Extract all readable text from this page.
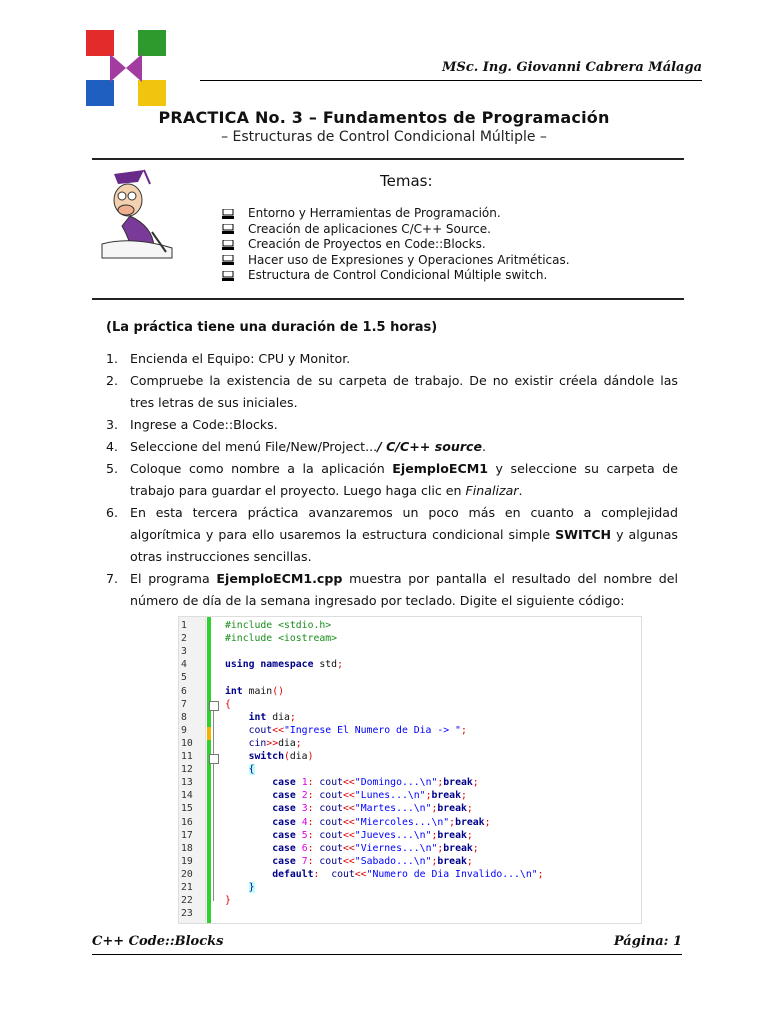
MSc. Ing. Giovanni Cabrera Málaga
PRACTICA No. 3 – Fundamentos de Programación
– Estructuras de Control Condicional Múltiple –
Temas:
Entorno y Herramientas de Programación.
Creación de aplicaciones C/C++ Source.
Creación de Proyectos en Code::Blocks.
Hacer uso de Expresiones y Operaciones Aritméticas.
Estructura de Control Condicional Múltiple switch.
(La práctica tiene una duración de 1.5 horas)
1. Encienda el Equipo: CPU y Monitor.
2. Compruebe la existencia de su carpeta de trabajo. De no existir créela dándole las tres letras de sus iniciales.
3. Ingrese a Code::Blocks.
4. Seleccione del menú File/New/Project.../ C/C++ source.
5. Coloque como nombre a la aplicación EjemploECM1 y seleccione su carpeta de trabajo para guardar el proyecto. Luego haga clic en Finalizar.
6. En esta tercera práctica avanzaremos un poco más en cuanto a complejidad algorítmica y para ello usaremos la estructura condicional simple SWITCH y algunas otras instrucciones sencillas.
7. El programa EjemploECM1.cpp muestra por pantalla el resultado del nombre del número de día de la semana ingresado por teclado. Digite el siguiente código:
1
2
3
4
5
6
7
8
9
10
11
12
13
14
15
16
17
18
19
20
21
22
23
#include <stdio.h>
#include <iostream>
using namespace std;
int main()
{
int dia;
cout<<"Ingrese El Numero de Dia -> ";
cin>>dia;
switch(dia)
{
case 1: cout<<"Domingo...\n";break;
case 2: cout<<"Lunes...\n";break;
case 3: cout<<"Martes...\n";break;
case 4: cout<<"Miercoles...\n";break;
case 5: cout<<"Jueves...\n";break;
case 6: cout<<"Viernes...\n";break;
case 7: cout<<"Sabado...\n";break;
default: cout<<"Numero de Dia Invalido...\n";
}
}
C++ Code::Blocks	Página: 1
